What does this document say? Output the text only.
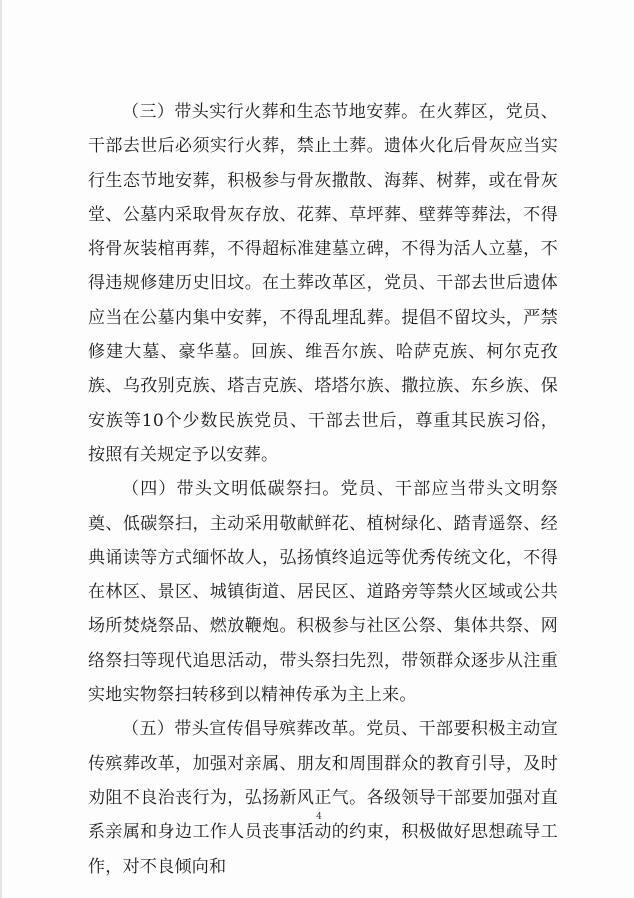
（三）带头实行火葬和生态节地安葬。在火葬区，党员、干部去世后必须实行火葬，禁止土葬。遗体火化后骨灰应当实行生态节地安葬，积极参与骨灰撒散、海葬、树葬，或在骨灰堂、公墓内采取骨灰存放、花葬、草坪葬、壁葬等葬法，不得将骨灰装棺再葬，不得超标准建墓立碑，不得为活人立墓，不得违规修建历史旧坟。在土葬改革区，党员、干部去世后遗体应当在公墓内集中安葬，不得乱埋乱葬。提倡不留坟头，严禁修建大墓、豪华墓。回族、维吾尔族、哈萨克族、柯尔克孜族、乌孜别克族、塔吉克族、塔塔尔族、撒拉族、东乡族、保安族等10个少数民族党员、干部去世后，尊重其民族习俗，按照有关规定予以安葬。

（四）带头文明低碳祭扫。党员、干部应当带头文明祭奠、低碳祭扫，主动采用敬献鲜花、植树绿化、踏青遥祭、经典诵读等方式缅怀故人，弘扬慎终追远等优秀传统文化，不得在林区、景区、城镇街道、居民区、道路旁等禁火区域或公共场所焚烧祭品、燃放鞭炮。积极参与社区公祭、集体共祭、网络祭扫等现代追思活动，带头祭扫先烈，带领群众逐步从注重实地实物祭扫转移到以精神传承为主上来。

（五）带头宣传倡导殡葬改革。党员、干部要积极主动宣传殡葬改革，加强对亲属、朋友和周围群众的教育引导，及时劝阻不良治丧行为，弘扬新风正气。各级领导干部要加强对直系亲属和身边工作人员丧事活动的约束，积极做好思想疏导工作，对不良倾向和

4
